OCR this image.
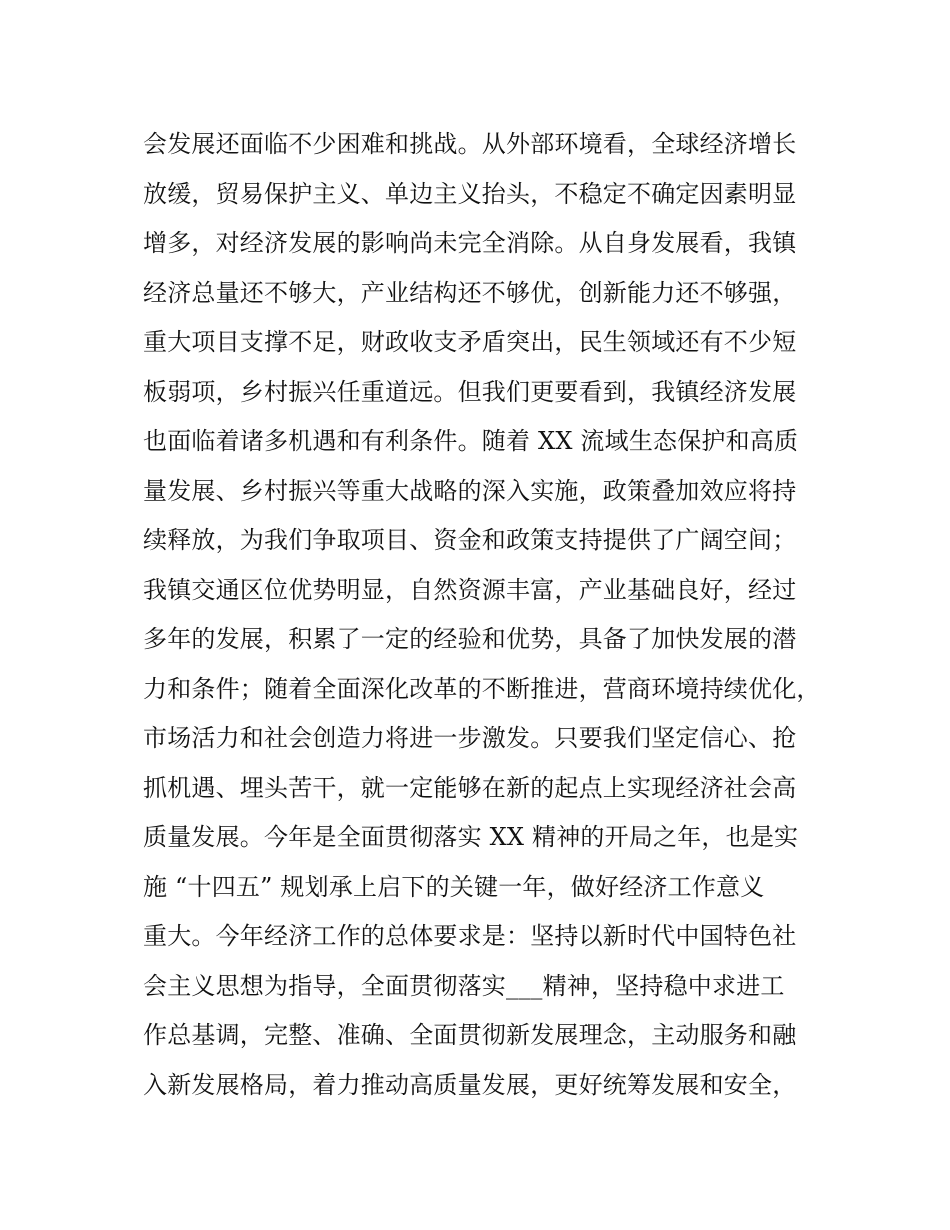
会发展还面临不少困难和挑战。从外部环境看，全球经济增长
放缓，贸易保护主义、单边主义抬头，不稳定不确定因素明显
增多，对经济发展的影响尚未完全消除。从自身发展看，我镇
经济总量还不够大，产业结构还不够优，创新能力还不够强，
重大项目支撑不足，财政收支矛盾突出，民生领域还有不少短
板弱项，乡村振兴任重道远。但我们更要看到，我镇经济发展
也面临着诸多机遇和有利条件。随着 XX 流域生态保护和高质
量发展、乡村振兴等重大战略的深入实施，政策叠加效应将持
续释放，为我们争取项目、资金和政策支持提供了广阔空间；
我镇交通区位优势明显，自然资源丰富，产业基础良好，经过
多年的发展，积累了一定的经验和优势，具备了加快发展的潜
力和条件；随着全面深化改革的不断推进，营商环境持续优化，
市场活力和社会创造力将进一步激发。只要我们坚定信心、抢
抓机遇、埋头苦干，就一定能够在新的起点上实现经济社会高
质量发展。今年是全面贯彻落实 XX 精神的开局之年，也是实
施 “十四五” 规划承上启下的关键一年，做好经济工作意义
重大。今年经济工作的总体要求是：坚持以新时代中国特色社
会主义思想为指导，全面贯彻落实___精神，坚持稳中求进工
作总基调，完整、准确、全面贯彻新发展理念，主动服务和融
入新发展格局，着力推动高质量发展，更好统筹发展和安全，
